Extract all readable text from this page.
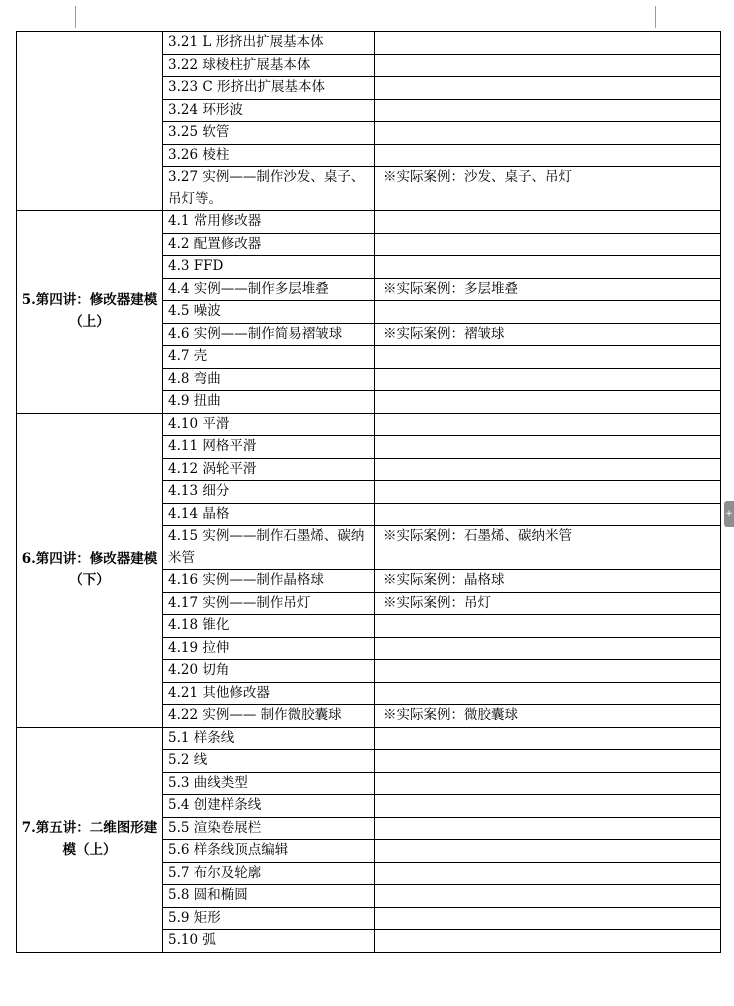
	3.21 L 形挤出扩展基本体	
	3.22 球棱柱扩展基本体	
	3.23 C 形挤出扩展基本体	
	3.24 环形波	
	3.25 软管	
	3.26 棱柱	
	3.27 实例——制作沙发、桌子、吊灯等。	※实际案例：沙发、桌子、吊灯
5.第四讲：修改器建模（上）	4.1 常用修改器	
	4.2 配置修改器	
	4.3 FFD	
	4.4 实例——制作多层堆叠	※实际案例：多层堆叠
	4.5 噪波	
	4.6 实例——制作简易褶皱球	※实际案例：褶皱球
	4.7 壳	
	4.8 弯曲	
	4.9 扭曲	
6.第四讲：修改器建模（下）	4.10 平滑	
	4.11 网格平滑	
	4.12 涡轮平滑	
	4.13 细分	
	4.14 晶格	
	4.15 实例——制作石墨烯、碳纳米管	※实际案例：石墨烯、碳纳米管
	4.16 实例——制作晶格球	※实际案例：晶格球
	4.17 实例——制作吊灯	※实际案例：吊灯
	4.18 锥化	
	4.19 拉伸	
	4.20 切角	
	4.21 其他修改器	
	4.22 实例—— 制作微胶囊球	※实际案例：微胶囊球
7.第五讲：二维图形建模（上）	5.1 样条线	
	5.2 线	
	5.3 曲线类型	
	5.4 创建样条线	
	5.5 渲染卷展栏	
	5.6 样条线顶点编辑	
	5.7 布尔及轮廓	
	5.8 圆和椭圆	
	5.9 矩形	
	5.10 弧	
+
